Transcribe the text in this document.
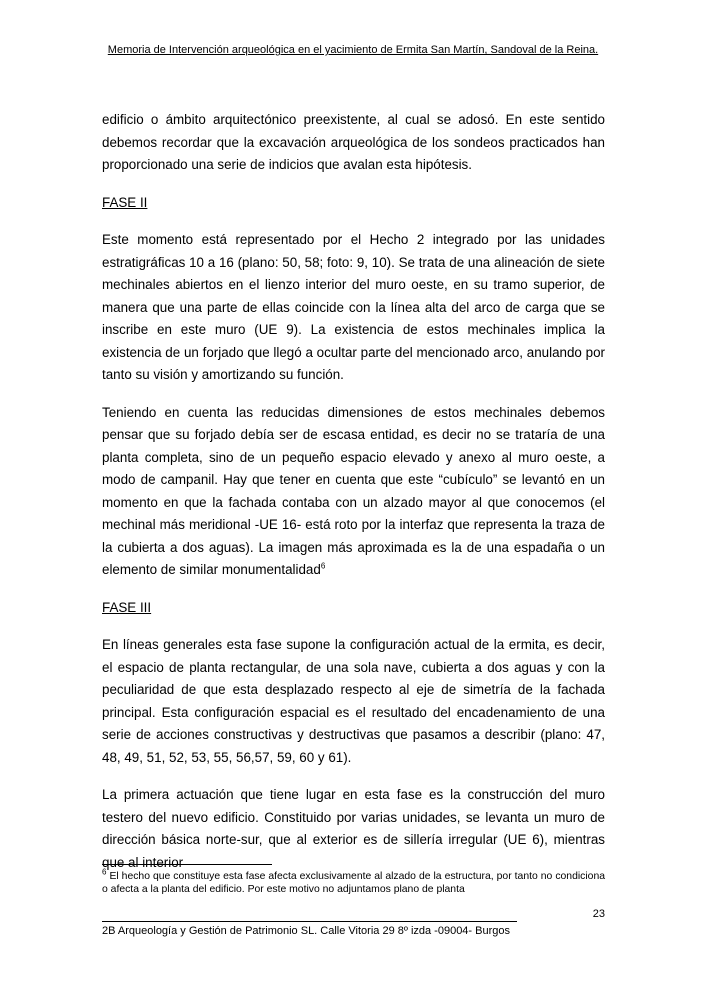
Memoria de Intervención arqueológica en el yacimiento de Ermita San Martín, Sandoval de la Reina.

edificio o ámbito arquitectónico preexistente, al cual se adosó. En este sentido debemos recordar que la excavación arqueológica de los sondeos practicados han proporcionado una serie de indicios que avalan esta hipótesis.

FASE II

Este momento está representado por el Hecho 2 integrado por las unidades estratigráficas 10 a 16 (plano: 50, 58; foto: 9, 10). Se trata de una alineación de siete mechinales abiertos en el lienzo interior del muro oeste, en su tramo superior, de manera que una parte de ellas coincide con la línea alta del arco de carga que se inscribe en este muro (UE 9). La existencia de estos mechinales implica la existencia de un forjado que llegó a ocultar parte del mencionado arco, anulando por tanto su visión y amortizando su función.

Teniendo en cuenta las reducidas dimensiones de estos mechinales debemos pensar que su forjado debía ser de escasa entidad, es decir no se trataría de una planta completa, sino de un pequeño espacio elevado y anexo al muro oeste, a modo de campanil. Hay que tener en cuenta que este “cubículo” se levantó en un momento en que la fachada contaba con un alzado mayor al que conocemos (el mechinal más meridional -UE 16- está roto por la interfaz que representa la traza de la cubierta a dos aguas). La imagen más aproximada es la de una espadaña o un elemento de similar monumentalidad$^6$

FASE III

En líneas generales esta fase supone la configuración actual de la ermita, es decir, el espacio de planta rectangular, de una sola nave, cubierta a dos aguas y con la peculiaridad de que esta desplazado respecto al eje de simetría de la fachada principal. Esta configuración espacial es el resultado del encadenamiento de una serie de acciones constructivas y destructivas que pasamos a describir (plano: 47, 48, 49, 51, 52, 53, 55, 56,57, 59, 60 y 61).

La primera actuación que tiene lugar en esta fase es la construcción del muro testero del nuevo edificio. Constituido por varias unidades, se levanta un muro de dirección básica norte-sur, que al exterior es de sillería irregular (UE 6), mientras que al interior

$^6$ El hecho que constituye esta fase afecta exclusivamente al alzado de la estructura, por tanto no condiciona o afecta a la planta del edificio. Por este motivo no adjuntamos plano de planta
23
2B Arqueología y Gestión de Patrimonio SL. Calle Vitoria 29 8º izda -09004- Burgos
